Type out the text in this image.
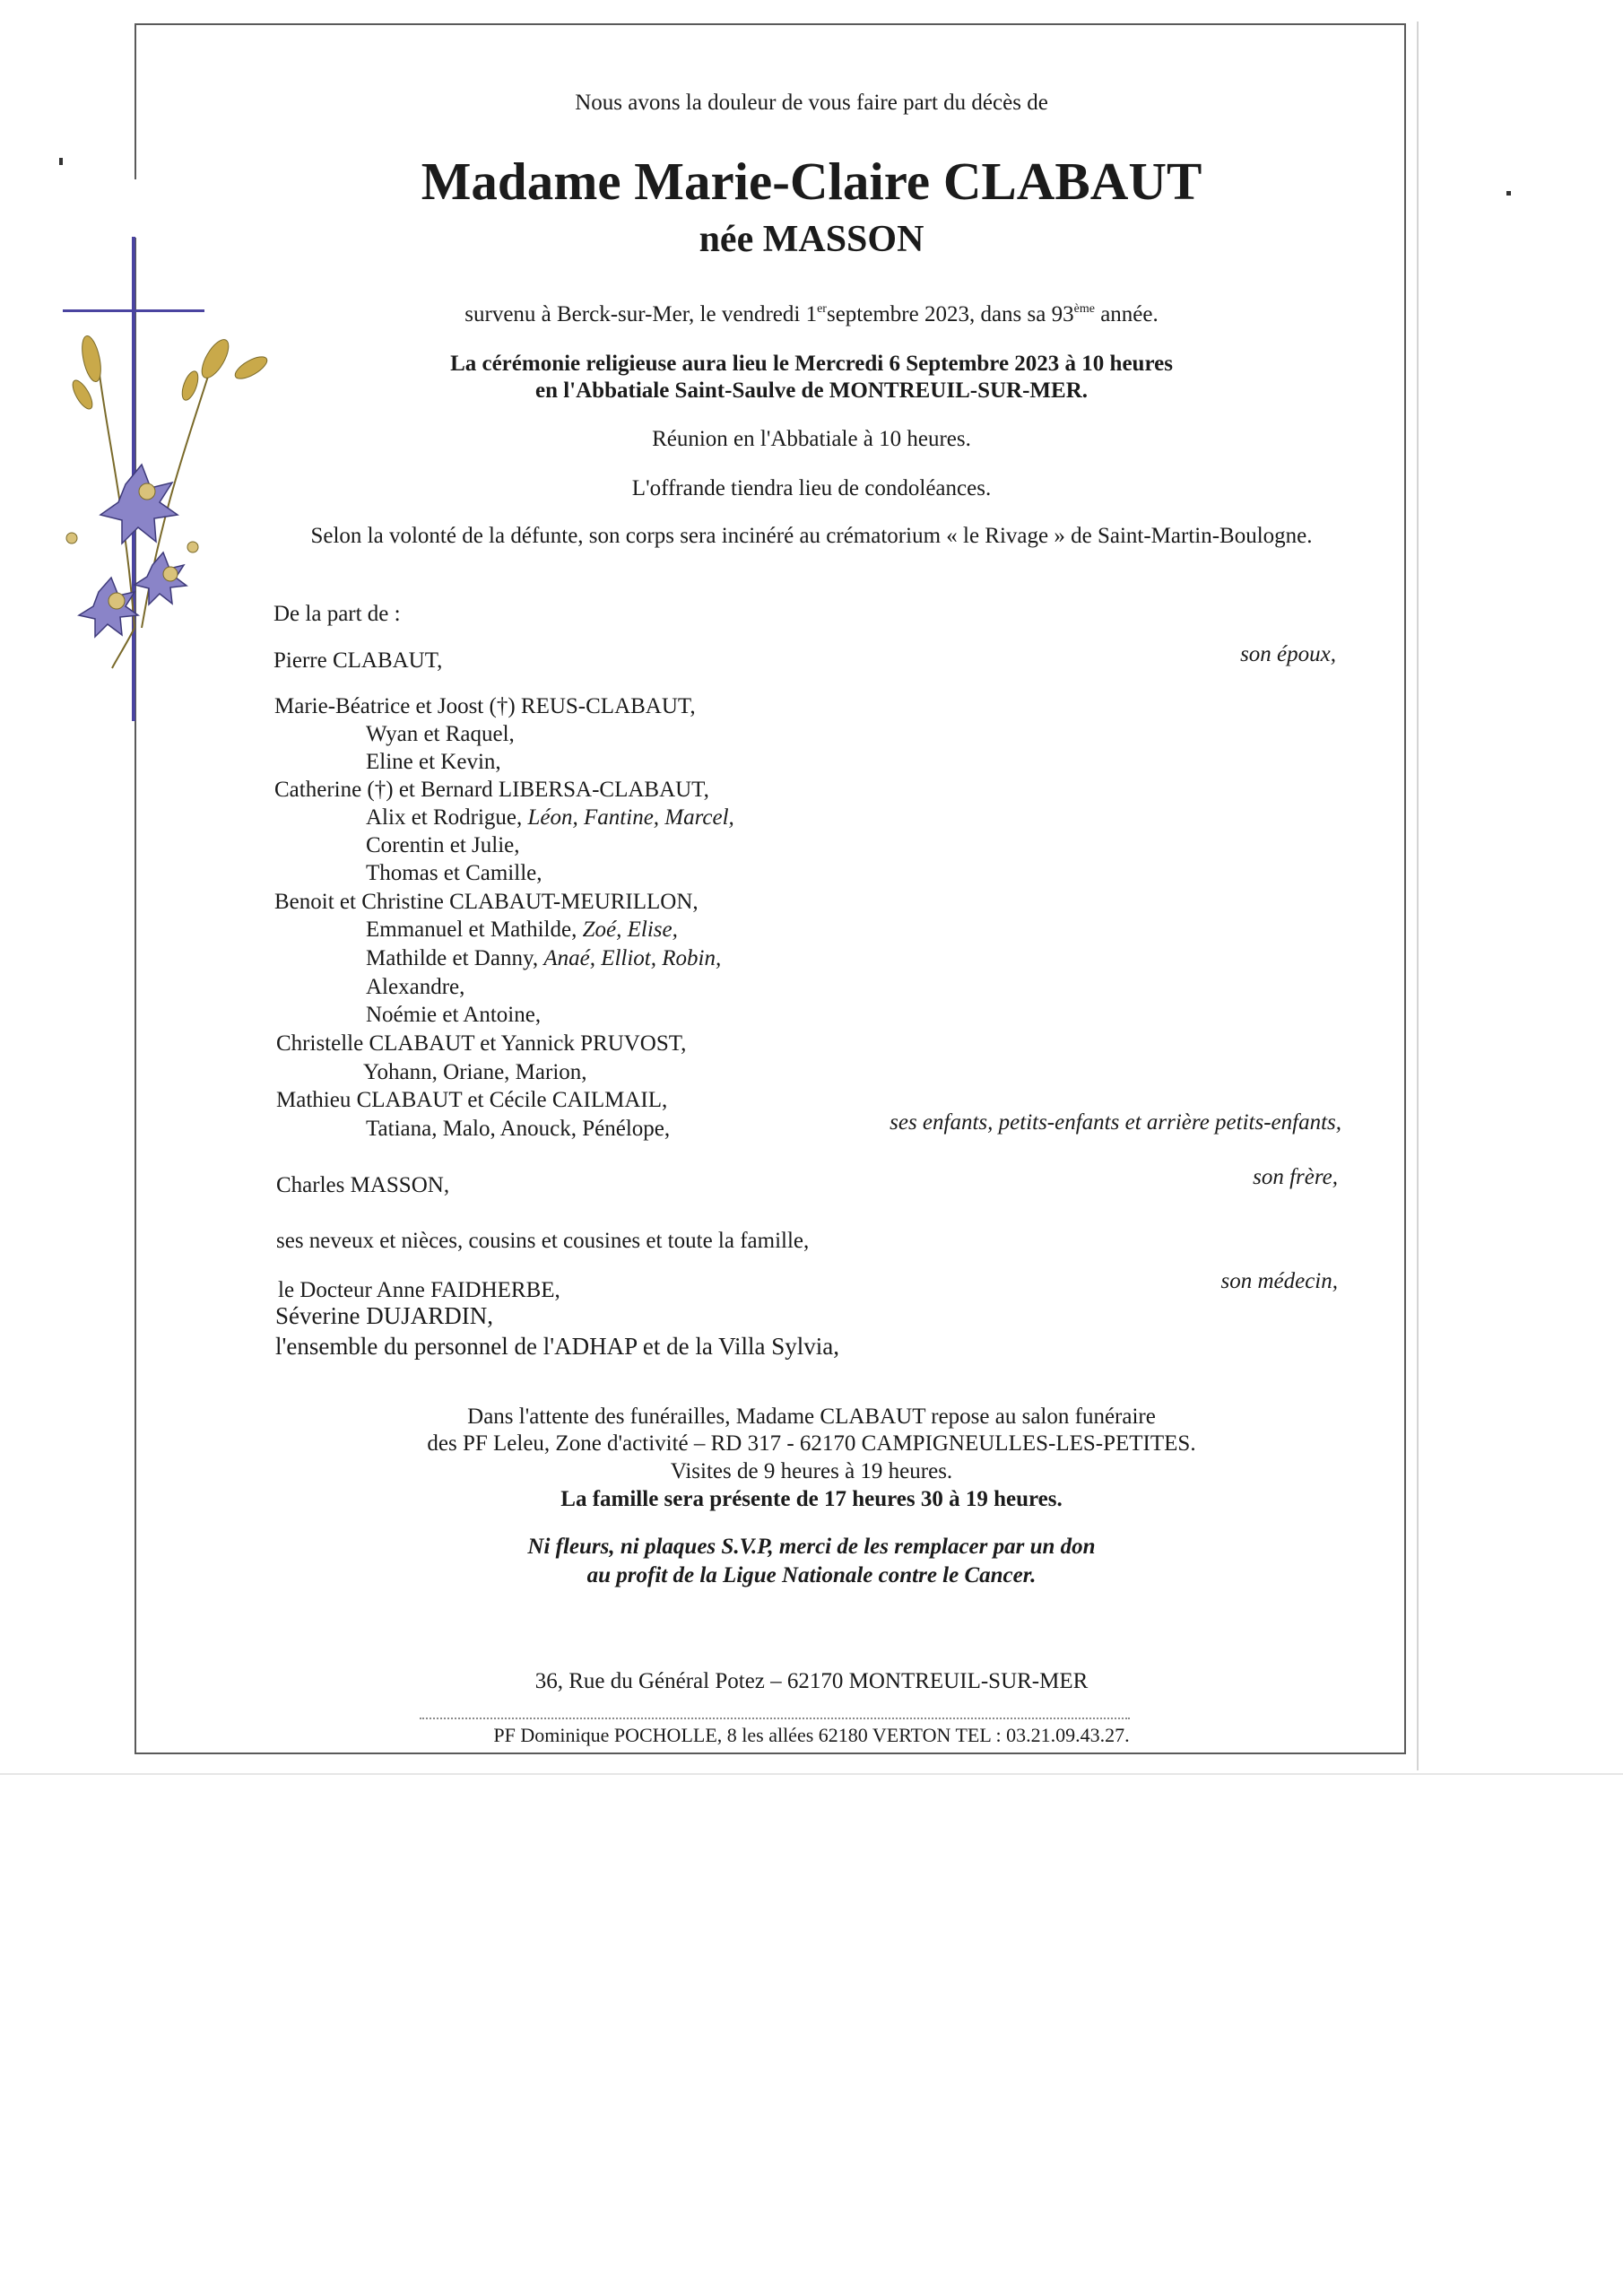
Nous avons la douleur de vous faire part du décès de
Madame Marie-Claire CLABAUT
née MASSON
survenu à Berck-sur-Mer, le vendredi 1erseptembre 2023, dans sa 93ème année.
La cérémonie religieuse aura lieu le Mercredi 6 Septembre 2023 à 10 heures
en l'Abbatiale Saint-Saulve de MONTREUIL-SUR-MER.
Réunion en l'Abbatiale à 10 heures.
L'offrande tiendra lieu de condoléances.
Selon la volonté de la défunte, son corps sera incinéré au crématorium « le Rivage » de Saint-Martin-Boulogne.
De la part de :
Pierre CLABAUT,	son époux,
Marie-Béatrice et Joost (†) REUS-CLABAUT,
Wyan et Raquel,
Eline et Kevin,
Catherine (†) et Bernard LIBERSA-CLABAUT,
Alix et Rodrigue, Léon, Fantine, Marcel,
Corentin et Julie,
Thomas et Camille,
Benoit et Christine CLABAUT-MEURILLON,
Emmanuel et Mathilde, Zoé, Elise,
Mathilde et Danny, Anaé, Elliot, Robin,
Alexandre,
Noémie et Antoine,
Christelle CLABAUT et Yannick PRUVOST,
Yohann, Oriane, Marion,
Mathieu CLABAUT et Cécile CAILMAIL,
Tatiana, Malo, Anouck, Pénélope,	ses enfants, petits-enfants et arrière petits-enfants,
Charles MASSON,	son frère,
ses neveux et nièces, cousins et cousines et toute la famille,
le Docteur Anne FAIDHERBE,	son médecin,
Séverine DUJARDIN,
l'ensemble du personnel de l'ADHAP et de la Villa Sylvia,
Dans l'attente des funérailles, Madame CLABAUT repose au salon funéraire
des PF Leleu, Zone d'activité – RD 317 - 62170 CAMPIGNEULLES-LES-PETITES.
Visites de 9 heures à 19 heures.
La famille sera présente de 17 heures 30 à 19 heures.
Ni fleurs, ni plaques S.V.P, merci de les remplacer par un don
au profit de la Ligue Nationale contre le Cancer.
36, Rue du Général Potez – 62170 MONTREUIL-SUR-MER
PF Dominique POCHOLLE, 8 les allées 62180 VERTON TEL : 03.21.09.43.27.
